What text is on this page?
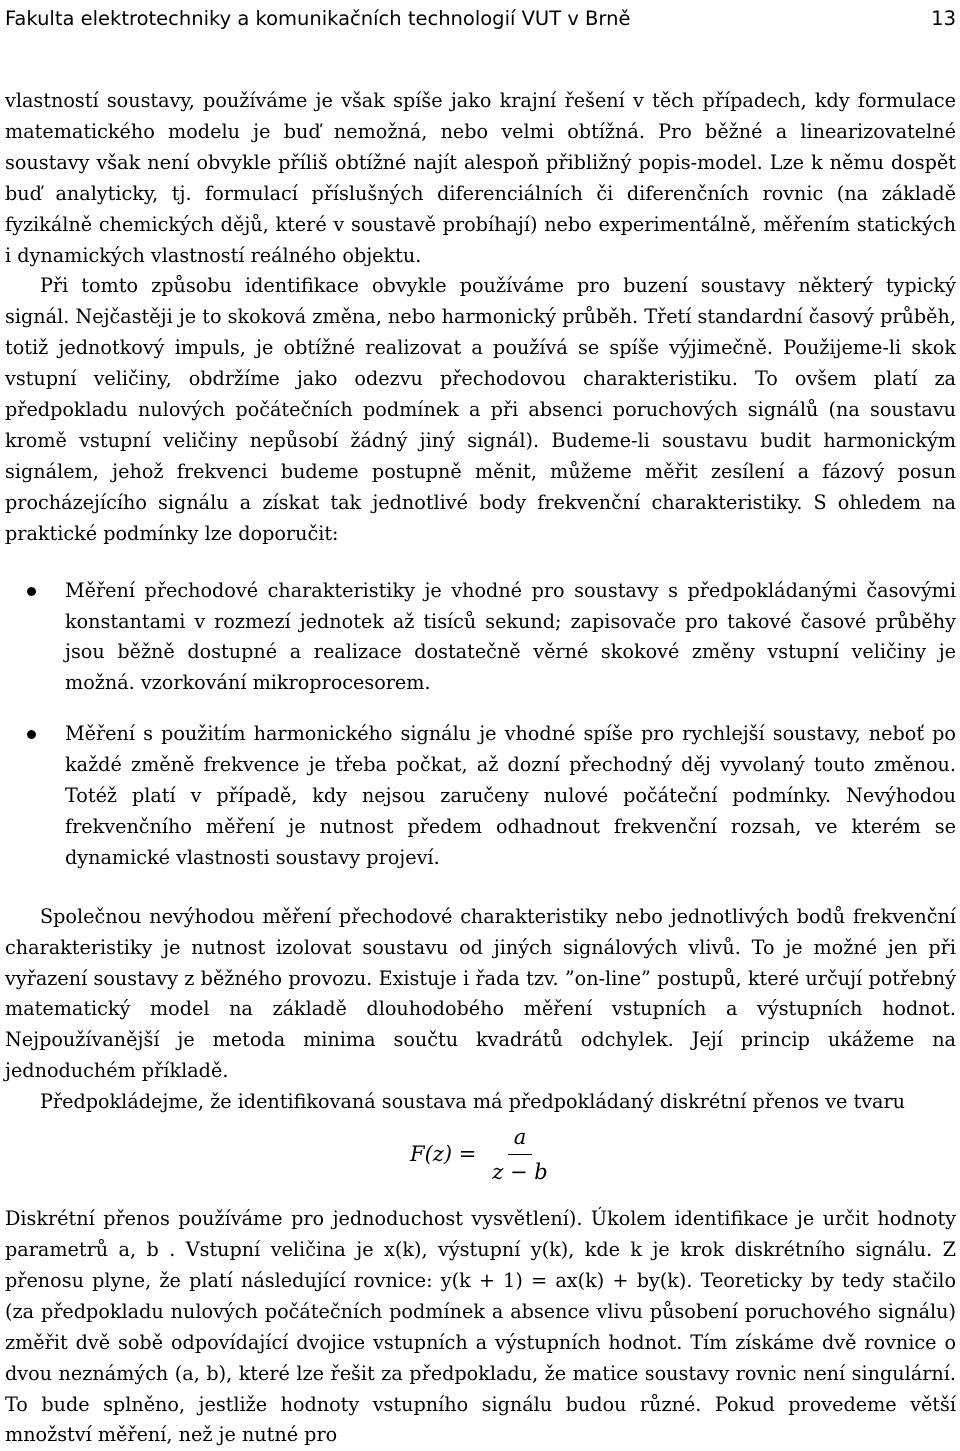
Fakulta elektrotechniky a komunikačních technologií VUT v Brně	13

vlastností soustavy, používáme je však spíše jako krajní řešení v těch případech, kdy formulace matematického modelu je buď nemožná, nebo velmi obtížná. Pro běžné a linearizovatelné soustavy však není obvykle příliš obtížné najít alespoň přibližný popis-model. Lze k němu dospět buď analyticky, tj. formulací příslušných diferenciálních či diferenčních rovnic (na základě fyzikálně chemických dějů, které v soustavě probíhají) nebo experimentálně, měřením statických i dynamických vlastností reálného objektu.

Při tomto způsobu identifikace obvykle používáme pro buzení soustavy některý typický signál. Nejčastěji je to skoková změna, nebo harmonický průběh. Třetí standardní časový průběh, totiž jednotkový impuls, je obtížné realizovat a používá se spíše výjimečně. Použijeme-li skok vstupní veličiny, obdržíme jako odezvu přechodovou charakteristiku. To ovšem platí za předpokladu nulových počátečních podmínek a při absenci poruchových signálů (na soustavu kromě vstupní veličiny nepůsobí žádný jiný signál). Budeme-li soustavu budit harmonickým signálem, jehož frekvenci budeme postupně měnit, můžeme měřit zesílení a fázový posun procházejícího signálu a získat tak jednotlivé body frekvenční charakteristiky. S ohledem na praktické podmínky lze doporučit:

Měření přechodové charakteristiky je vhodné pro soustavy s předpokládanými časovými konstantami v rozmezí jednotek až tisíců sekund; zapisovače pro takové časové průběhy jsou běžně dostupné a realizace dostatečně věrné skokové změny vstupní veličiny je možná. vzorkování mikroprocesorem.
Měření s použitím harmonického signálu je vhodné spíše pro rychlejší soustavy, neboť po každé změně frekvence je třeba počkat, až dozní přechodný děj vyvolaný touto změnou. Totéž platí v případě, kdy nejsou zaručeny nulové počáteční podmínky. Nevýhodou frekvenčního měření je nutnost předem odhadnout frekvenční rozsah, ve kterém se dynamické vlastnosti soustavy projeví.

Společnou nevýhodou měření přechodové charakteristiky nebo jednotlivých bodů frekvenční charakteristiky je nutnost izolovat soustavu od jiných signálových vlivů. To je možné jen při vyřazení soustavy z běžného provozu. Existuje i řada tzv. ”on-line” postupů, které určují potřebný matematický model na základě dlouhodobého měření vstupních a výstupních hodnot. Nejpoužívanější je metoda minima součtu kvadrátů odchylek. Její princip ukážeme na jednoduchém příkladě.

Předpokládejme, že identifikovaná soustava má předpokládaný diskrétní přenos ve tvaru

$F(z) = \frac{a}{z - b}$

Diskrétní přenos používáme pro jednoduchost vysvětlení). Úkolem identifikace je určit hodnoty parametrů a, b . Vstupní veličina je x(k), výstupní y(k), kde k je krok diskrétního signálu. Z přenosu plyne, že platí následující rovnice: y(k + 1) = ax(k) + by(k). Teoreticky by tedy stačilo (za předpokladu nulových počátečních podmínek a absence vlivu působení poruchového signálu) změřit dvě sobě odpovídající dvojice vstupních a výstupních hodnot. Tím získáme dvě rovnice o dvou neznámých (a, b), které lze řešit za předpokladu, že matice soustavy rovnic není singulární. To bude splněno, jestliže hodnoty vstupního signálu budou různé. Pokud provedeme větší množství měření, než je nutné pro
